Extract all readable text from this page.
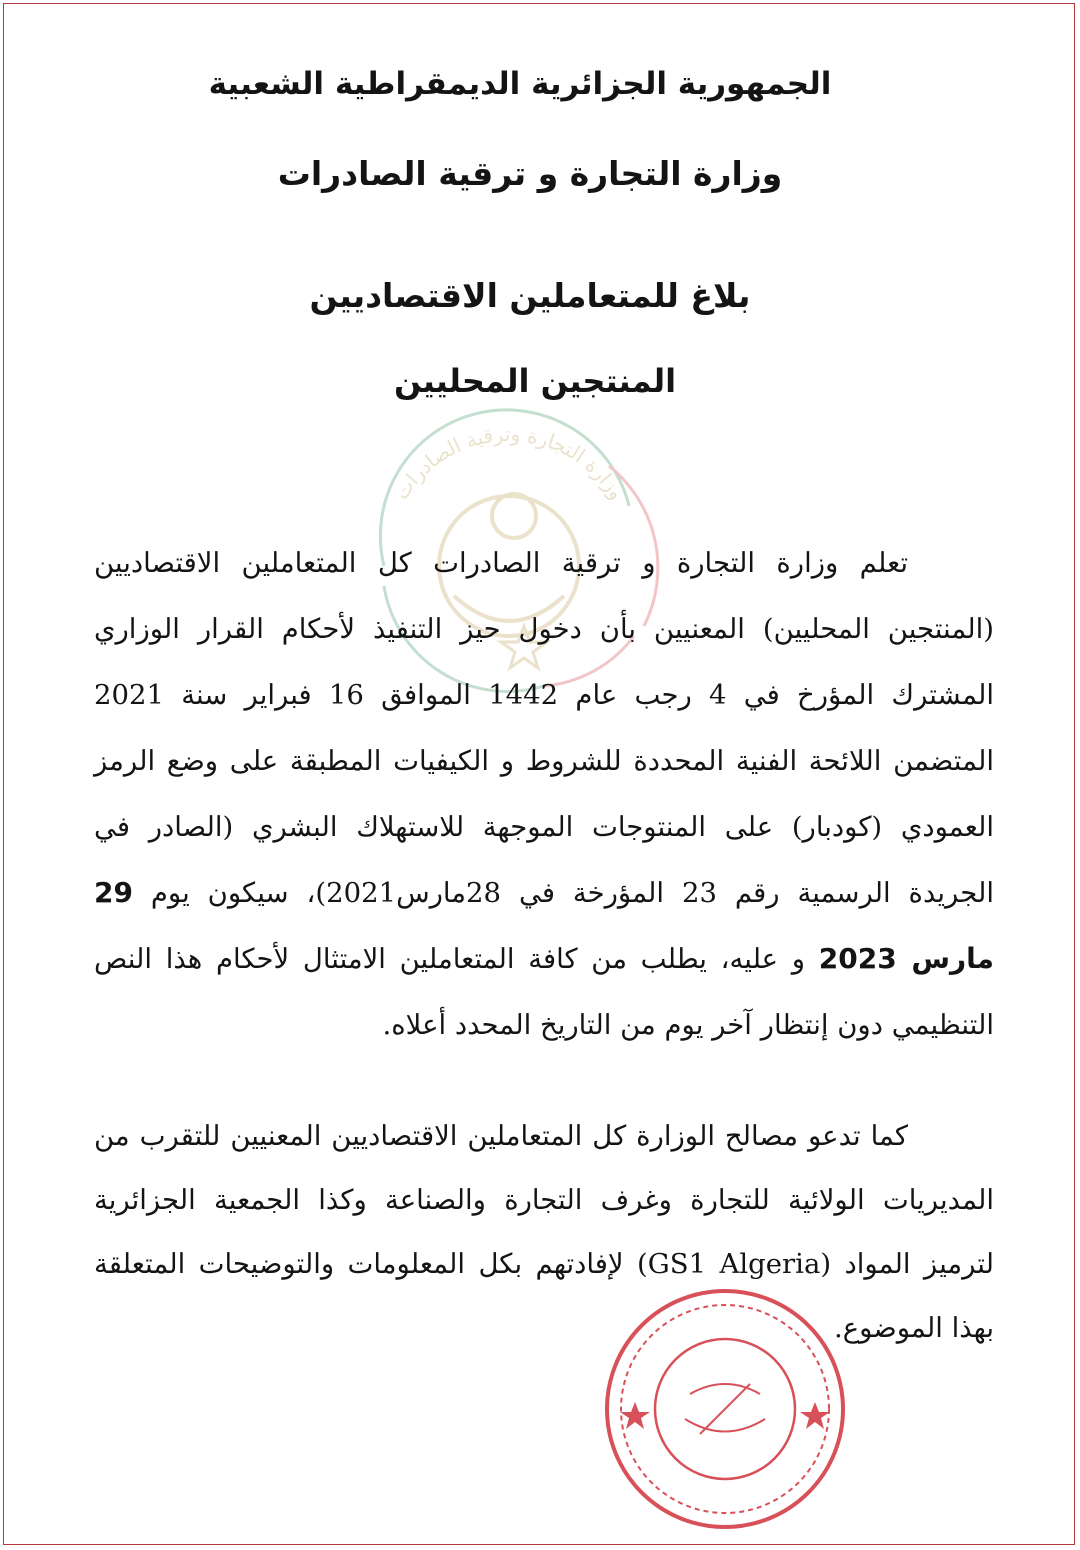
الجمهورية الجزائرية الديمقراطية الشعبية
وزارة التجارة و ترقية الصادرات
بلاغ للمتعاملين الاقتصاديين
المنتجين المحليين
وزارة التجارة وترقية الصادرات
تعلم وزارة التجارة و ترقية الصادرات كل المتعاملين الاقتصاديين (المنتجين المحليين) المعنيين بأن دخول حيز التنفيذ لأحكام القرار الوزاري المشترك المؤرخ في 4 رجب عام 1442 الموافق 16 فبراير سنة 2021 المتضمن اللائحة الفنية المحددة للشروط و الكيفيات المطبقة على وضع الرمز العمودي (كودبار) على المنتوجات الموجهة للاستهلاك البشري (الصادر في الجريدة الرسمية رقم 23 المؤرخة في 28مارس2021)، سيكون يوم 29 مارس 2023 و عليه، يطلب من كافة المتعاملين الامتثال لأحكام هذا النص التنظيمي دون إنتظار آخر يوم من التاريخ المحدد أعلاه.
كما تدعو مصالح الوزارة كل المتعاملين الاقتصاديين المعنيين للتقرب من المديريات الولائية للتجارة وغرف التجارة والصناعة وكذا الجمعية الجزائرية لترميز المواد (GS1 Algeria) لإفادتهم بكل المعلومات والتوضيحات المتعلقة بهذا الموضوع.
